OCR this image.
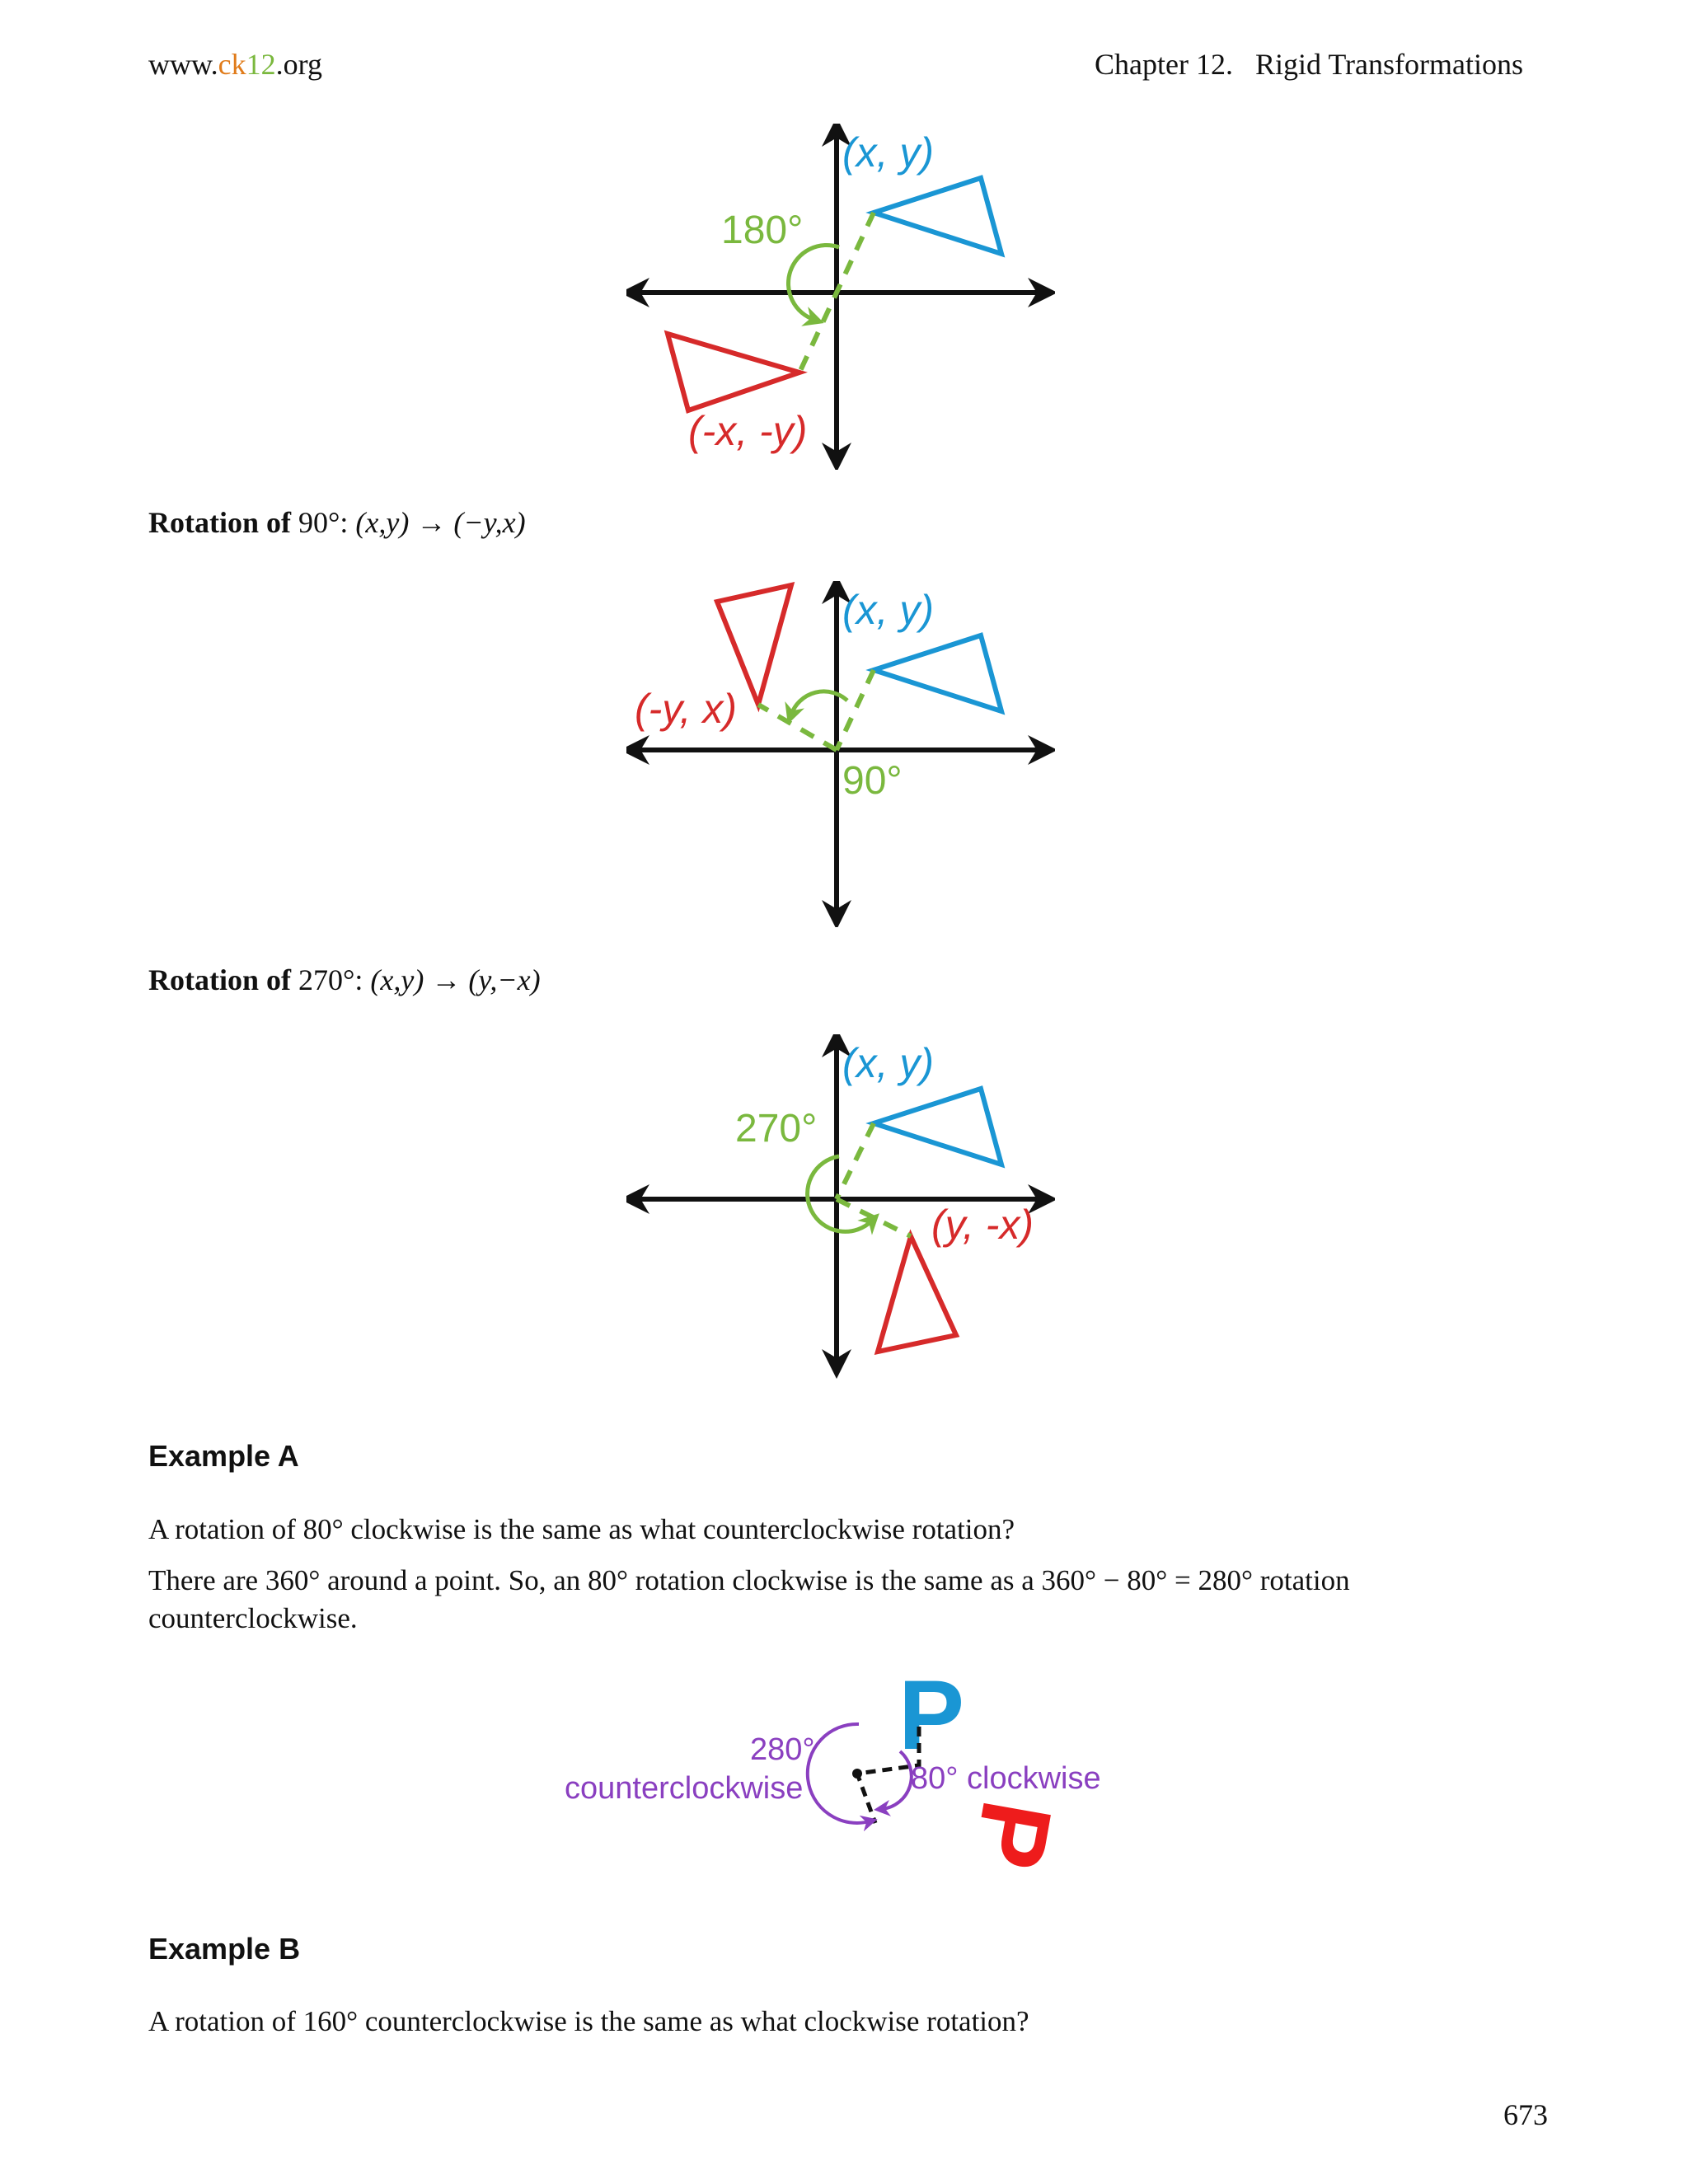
www.ck12.org	Chapter 12.   Rigid Transformations
180°
(x, y)
(-x, -y)
Rotation of 90°: (x,y) → (−y,x)
90°
(x, y)
(-y, x)
Rotation of 270°: (x,y) → (y,−x)
270°
(x, y)
(y, -x)
Example A
A rotation of 80° clockwise is the same as what counterclockwise rotation?
There are 360° around a point. So, an 80° rotation clockwise is the same as a 360° − 80° = 280° rotation counterclockwise.
P
P
280°
counterclockwise	80° clockwise
Example B
A rotation of 160° counterclockwise is the same as what clockwise rotation?
673
